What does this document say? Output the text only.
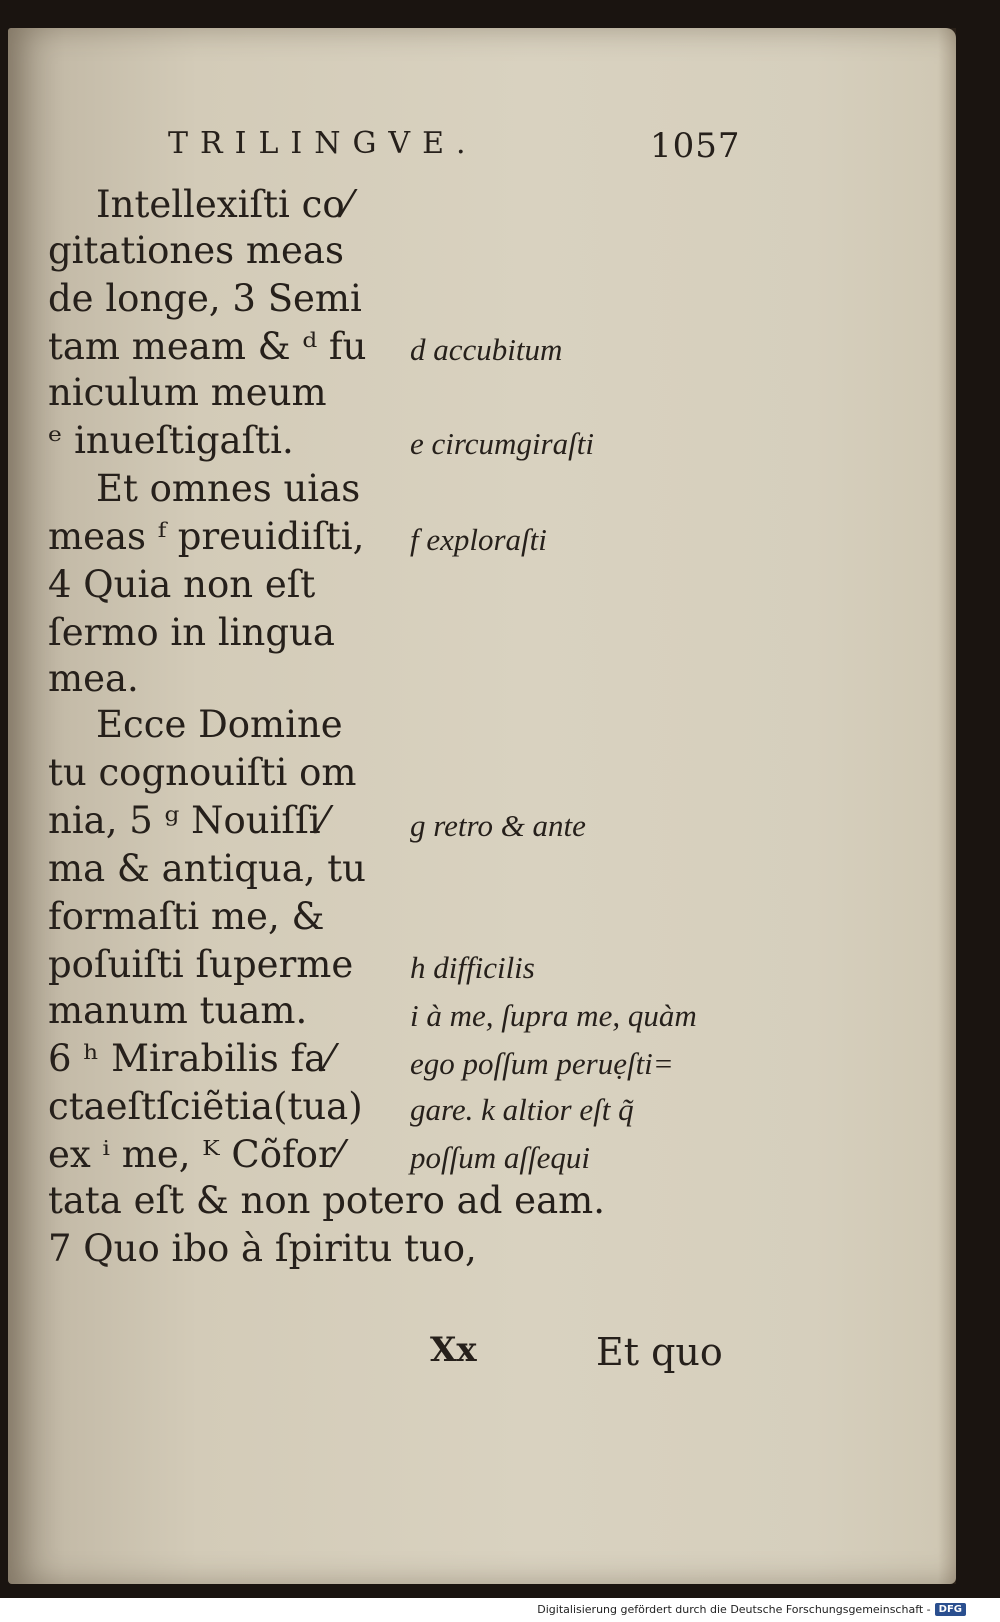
TRILINGVE.	1057
Intellexiſti co⁄
gitationes meas
de longe, 3 Semi
tam meam & ᵈ fu
niculum meum
ᵉ inueſtigaſti.
Et omnes uias
meas ᶠ preuidiſti,
4 Quia non eſt
ſermo in lingua
mea.
Ecce Domine
tu cognouiſti om
nia, 5 ᵍ Nouiſſi⁄
ma & antiqua, tu
formaſti me, &
poſuiſti ſuperme
manum tuam.
6 ʰ Mirabilis fa⁄
ctaeſtſciẽtia(tua)
ex ⁱ me, ᴷ Cõfor⁄
tata eſt & non potero ad eam.
7 Quo ibo à ſpiritu tuo,
d accubitum
e circumgiraſti
f exploraſti
g retro & ante
h difficilis
i à me, ſupra me, quàm
ego poſſum peruẹſti=
gare. k altior eſt q̃
poſſum aſſequi
Xx	Et quo
Digitalisierung gefördert durch die Deutsche Forschungsgemeinschaft - DFG
